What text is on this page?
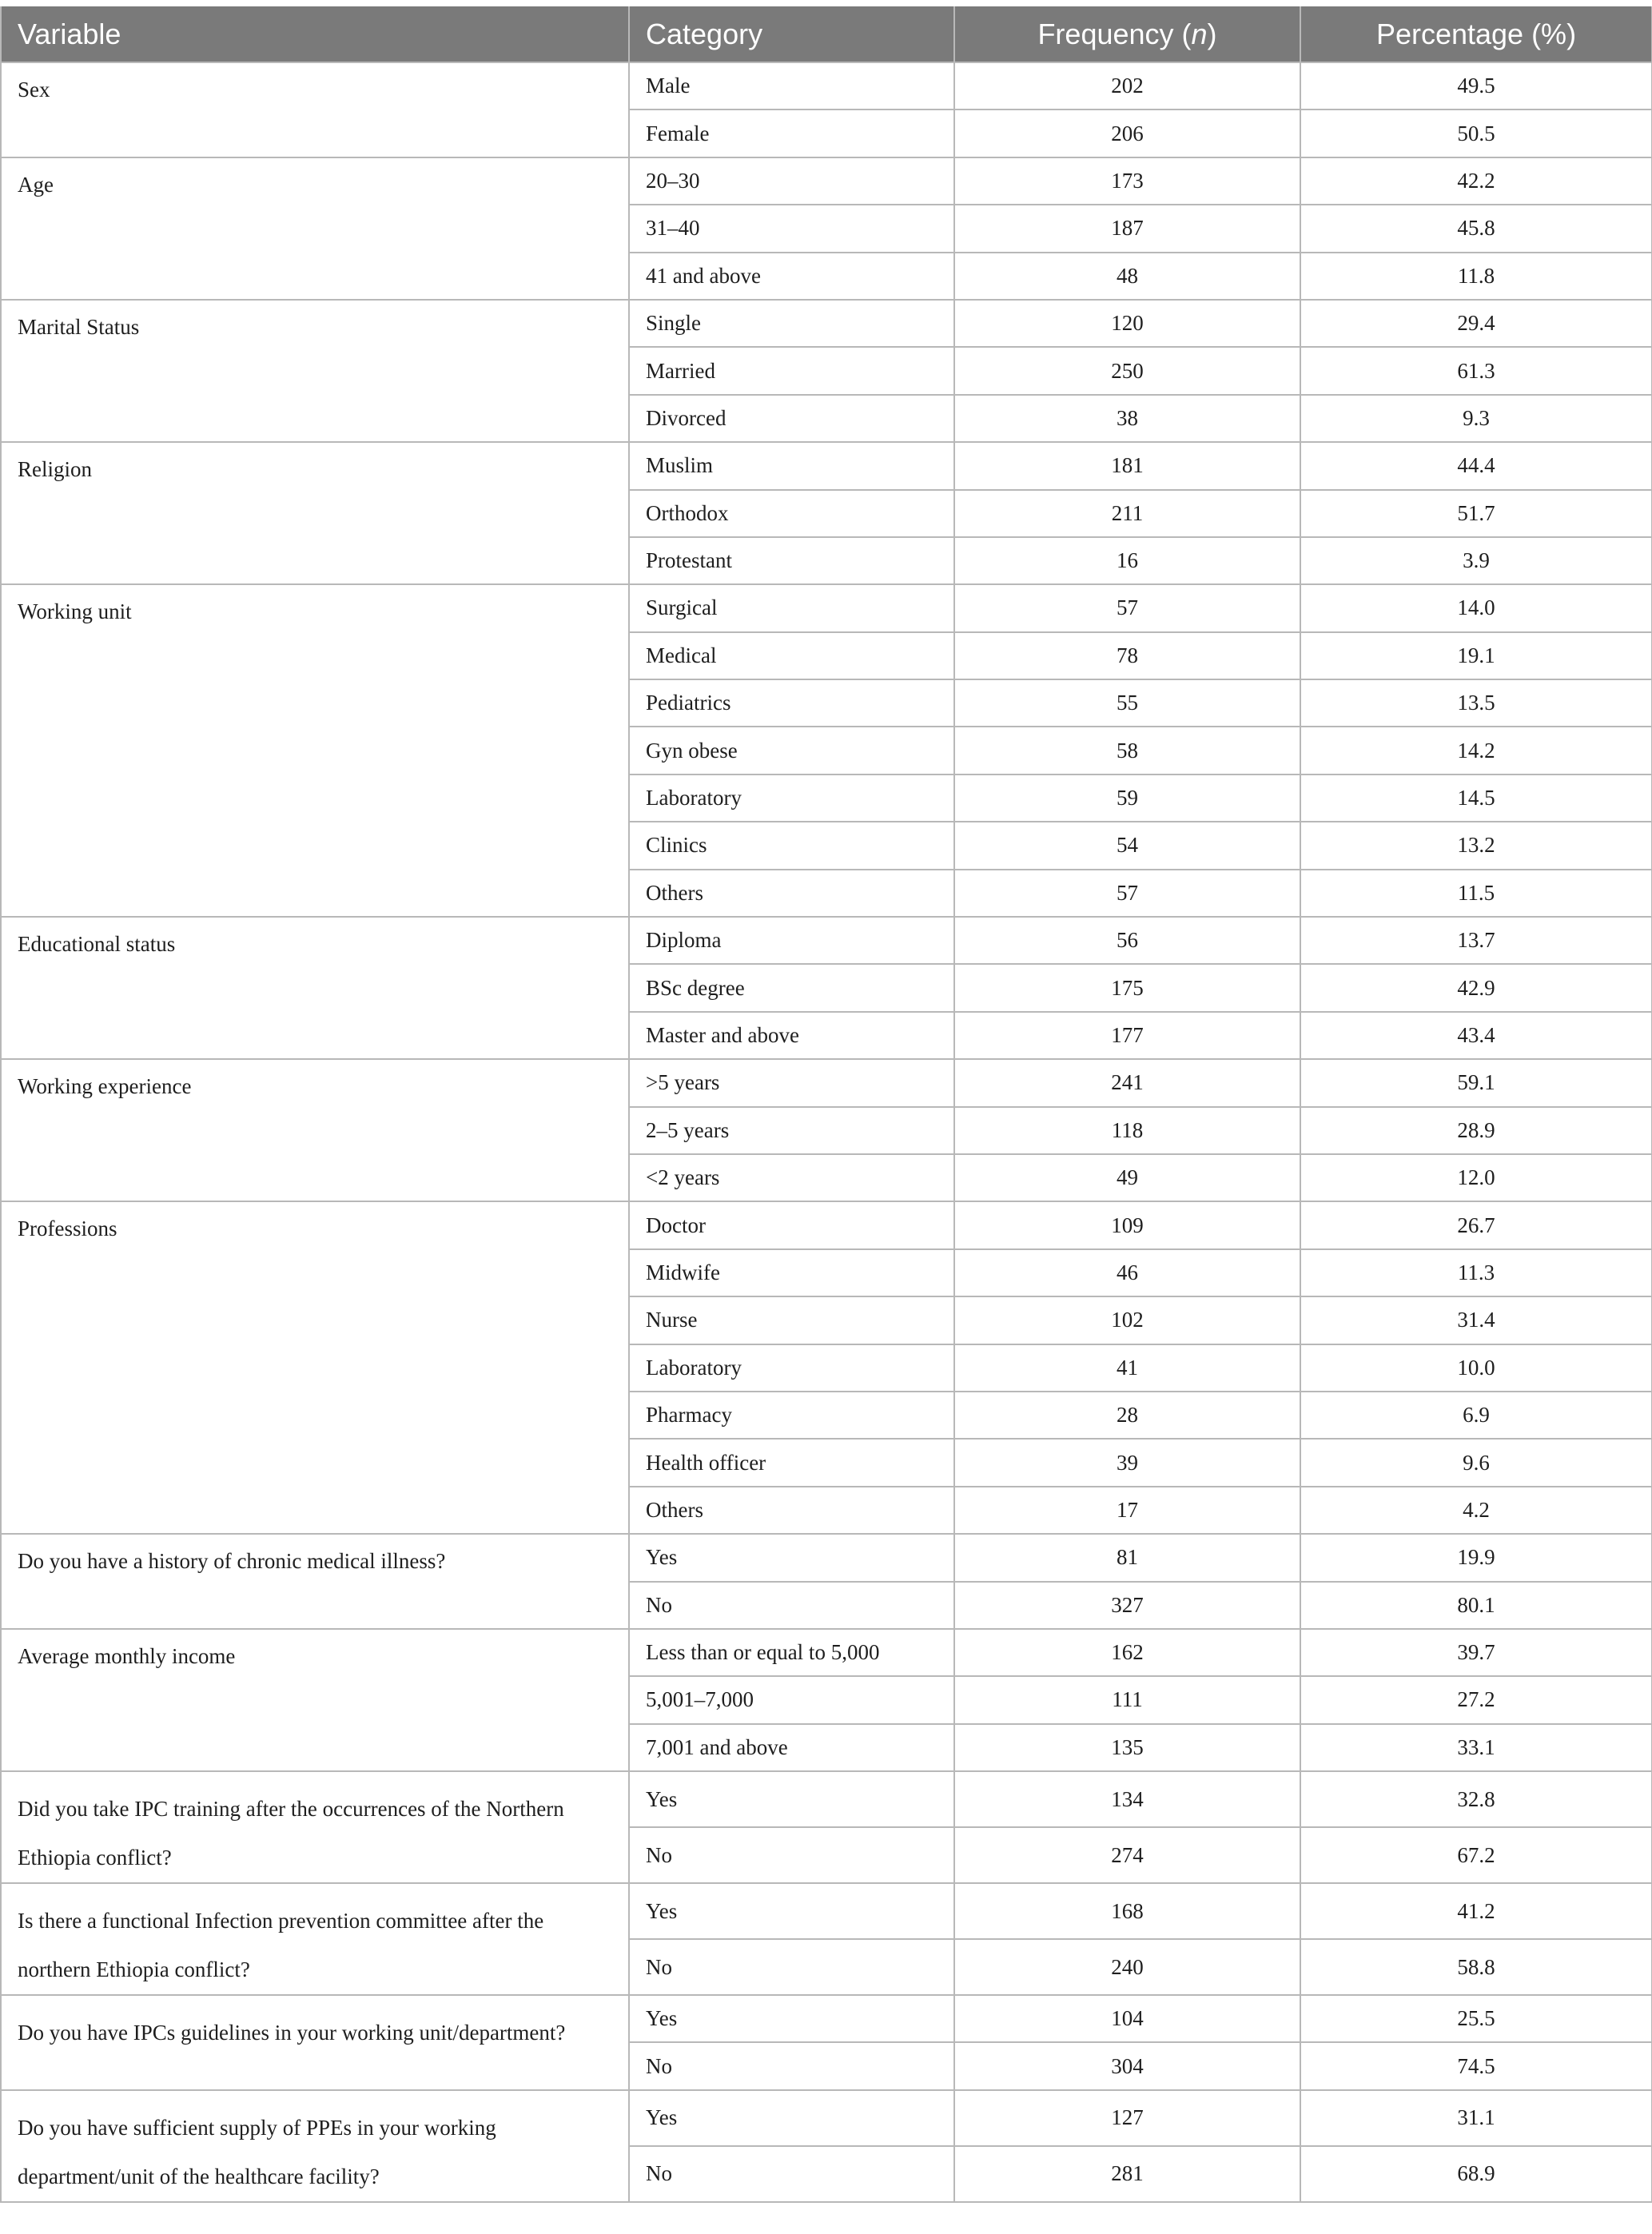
Variable	Category	Frequency (n)	Percentage (%)
Sex	Male	202	49.5
	Female	206	50.5
Age	20–30	173	42.2
	31–40	187	45.8
	41 and above	48	11.8
Marital Status	Single	120	29.4
	Married	250	61.3
	Divorced	38	9.3
Religion	Muslim	181	44.4
	Orthodox	211	51.7
	Protestant	16	3.9
Working unit	Surgical	57	14.0
	Medical	78	19.1
	Pediatrics	55	13.5
	Gyn obese	58	14.2
	Laboratory	59	14.5
	Clinics	54	13.2
	Others	57	11.5
Educational status	Diploma	56	13.7
	BSc degree	175	42.9
	Master and above	177	43.4
Working experience	>5 years	241	59.1
	2–5 years	118	28.9
	<2 years	49	12.0
Professions	Doctor	109	26.7
	Midwife	46	11.3
	Nurse	102	31.4
	Laboratory	41	10.0
	Pharmacy	28	6.9
	Health officer	39	9.6
	Others	17	4.2
Do you have a history of chronic medical illness?	Yes	81	19.9
	No	327	80.1
Average monthly income	Less than or equal to 5,000	162	39.7
	5,001–7,000	111	27.2
	7,001 and above	135	33.1
Did you take IPC training after the occurrences of the Northern Ethiopia conflict?	Yes	134	32.8
	No	274	67.2
Is there a functional Infection prevention committee after the northern Ethiopia conflict?	Yes	168	41.2
	No	240	58.8
Do you have IPCs guidelines in your working unit/department?	Yes	104	25.5
	No	304	74.5
Do you have sufficient supply of PPEs in your working department/unit of the healthcare facility?	Yes	127	31.1
	No	281	68.9
